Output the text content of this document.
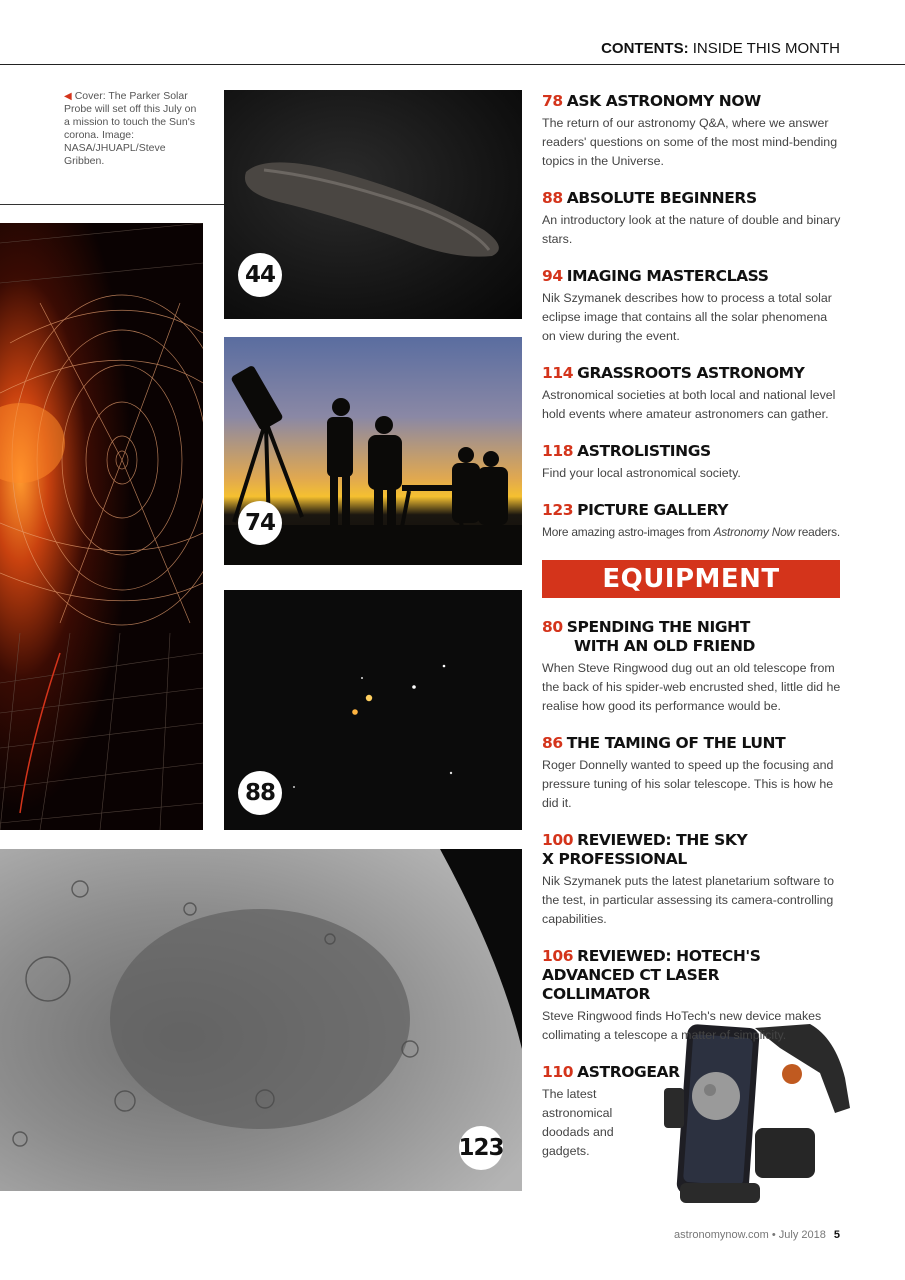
CONTENTS: INSIDE THIS MONTH
◀ Cover: The Parker Solar Probe will set off this July on a mission to touch the Sun's corona. Image: NASA/JHUAPL/Steve Gribben.
44
74
88
123
78 ASK ASTRONOMY NOW
The return of our astronomy Q&A, where we answer readers' questions on some of the most mind-bending topics in the Universe.
88 ABSOLUTE BEGINNERS
An introductory look at the nature of double and binary stars.
94 IMAGING MASTERCLASS
Nik Szymanek describes how to process a total solar eclipse image that contains all the solar phenomena on view during the event.
114 GRASSROOTS ASTRONOMY
Astronomical societies at both local and national level hold events where amateur astronomers can gather.
118 ASTROLISTINGS
Find your local astronomical society.
123 PICTURE GALLERY
More amazing astro-images from Astronomy Now readers.
EQUIPMENT
80 SPENDING THE NIGHT
WITH AN OLD FRIEND
When Steve Ringwood dug out an old telescope from the back of his spider-web encrusted shed, little did he realise how good its performance would be.
86 THE TAMING OF THE LUNT
Roger Donnelly wanted to speed up the focusing and pressure tuning of his solar telescope. This is how he did it.
100 REVIEWED: THE SKY X PROFESSIONAL
Nik Szymanek puts the latest planetarium software to the test, in particular assessing its camera-controlling capabilities.
106 REVIEWED: HOTECH'S ADVANCED CT LASER COLLIMATOR
Steve Ringwood finds HoTech's new device makes collimating a telescope a matter of simplicity.
110 ASTROGEAR
The latest astronomical doodads and gadgets.
astronomynow.com • July 2018 5
